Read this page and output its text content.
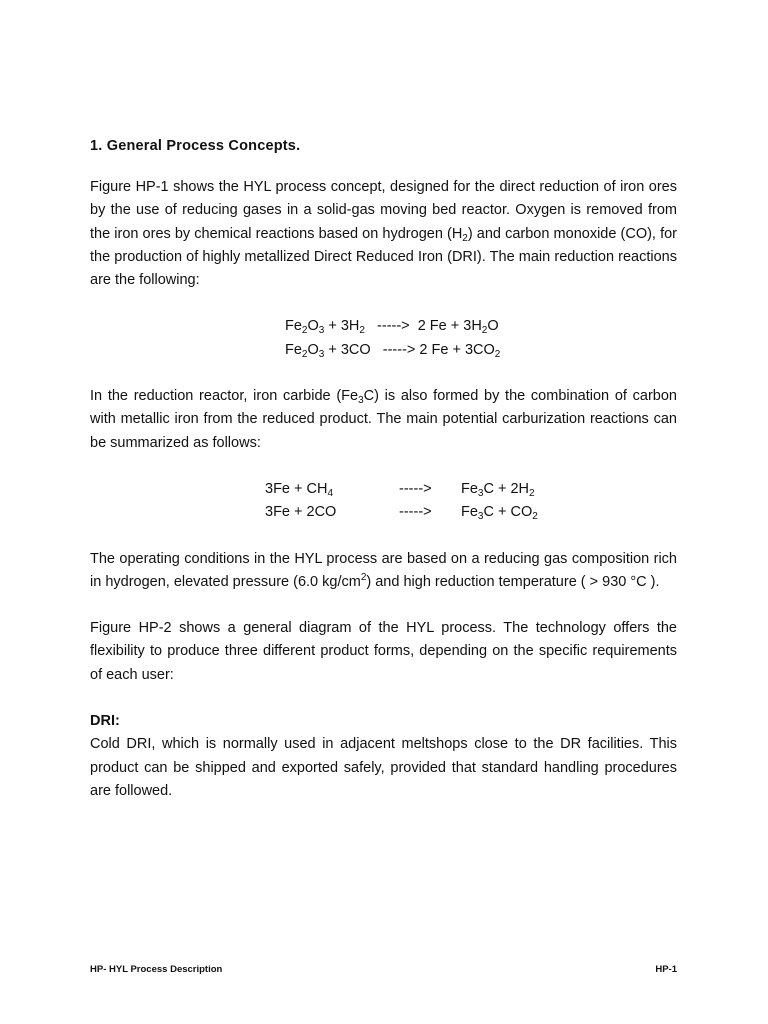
1. General Process Concepts.

Figure HP-1 shows the HYL process concept, designed for the direct reduction of iron ores by the use of reducing gases in a solid-gas moving bed reactor. Oxygen is removed from the iron ores by chemical reactions based on hydrogen $(H_2)$ and carbon monoxide (CO), for the production of highly metallized Direct Reduced Iron (DRI). The main reduction reactions are the following:

$Fe_2O_3 + 3H_2$   ----->  2 $Fe + 3H_2O$
$Fe_2O_3 + 3CO$   -----> 2 $Fe + 3CO_2$

In the reduction reactor, iron carbide $(Fe_3C)$ is also formed by the combination of carbon with metallic iron from the reduced product. The main potential carburization reactions can be summarized as follows:

$3Fe + CH_4$	----->	$Fe_3C + 2H_2$
3Fe + 2CO	----->	$Fe_3C + CO_2$

The operating conditions in the HYL process are based on a reducing gas composition rich in hydrogen, elevated pressure (6.0 $kg/cm^2$) and high reduction temperature ( > 930 °C ).

Figure HP-2 shows a general diagram of the HYL process. The technology offers the flexibility to produce three different product forms, depending on the specific requirements of each user:

DRI:

Cold DRI, which is normally used in adjacent meltshops close to the DR facilities. This product can be shipped and exported safely, provided that standard handling procedures are followed.

HP- HYL Process Description	HP-1
